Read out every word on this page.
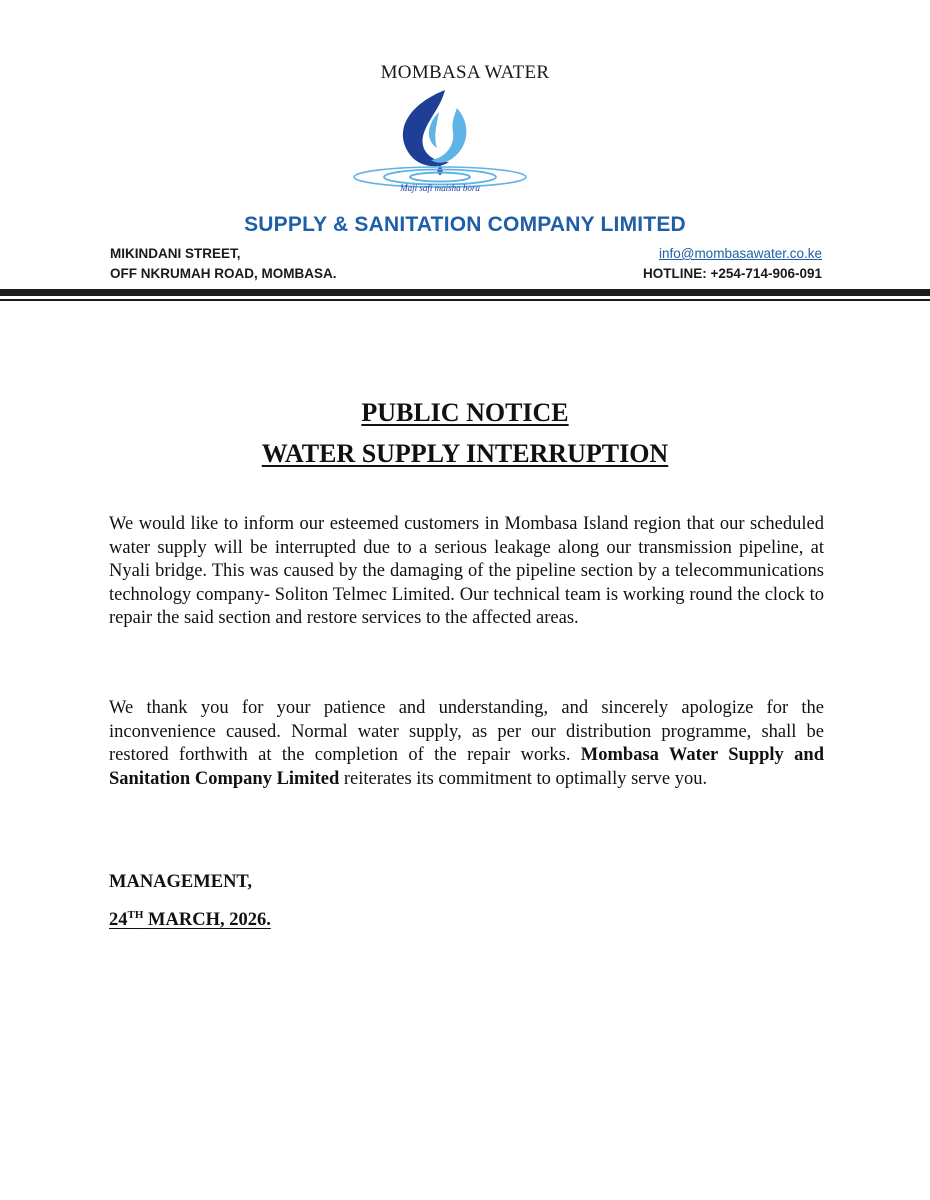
MOMBASA WATER
Maji safi maisha bora
SUPPLY & SANITATION COMPANY LIMITED
MIKINDANI STREET,
OFF NKRUMAH ROAD, MOMBASA.
info@mombasawater.co.ke
HOTLINE: +254-714-906-091
PUBLIC NOTICE
WATER SUPPLY INTERRUPTION
We would like to inform our esteemed customers in Mombasa Island region that our scheduled water supply will be interrupted due to a serious leakage along our transmission pipeline, at Nyali bridge. This was caused by the damaging of the pipeline section by a telecommunications technology company- Soliton Telmec Limited. Our technical team is working round the clock to repair the said section and restore services to the affected areas.
We thank you for your patience and understanding, and sincerely apologize for the inconvenience caused. Normal water supply, as per our distribution programme, shall be restored forthwith at the completion of the repair works. Mombasa Water Supply and Sanitation Company Limited reiterates its commitment to optimally serve you.
MANAGEMENT,
24TH MARCH, 2026.
